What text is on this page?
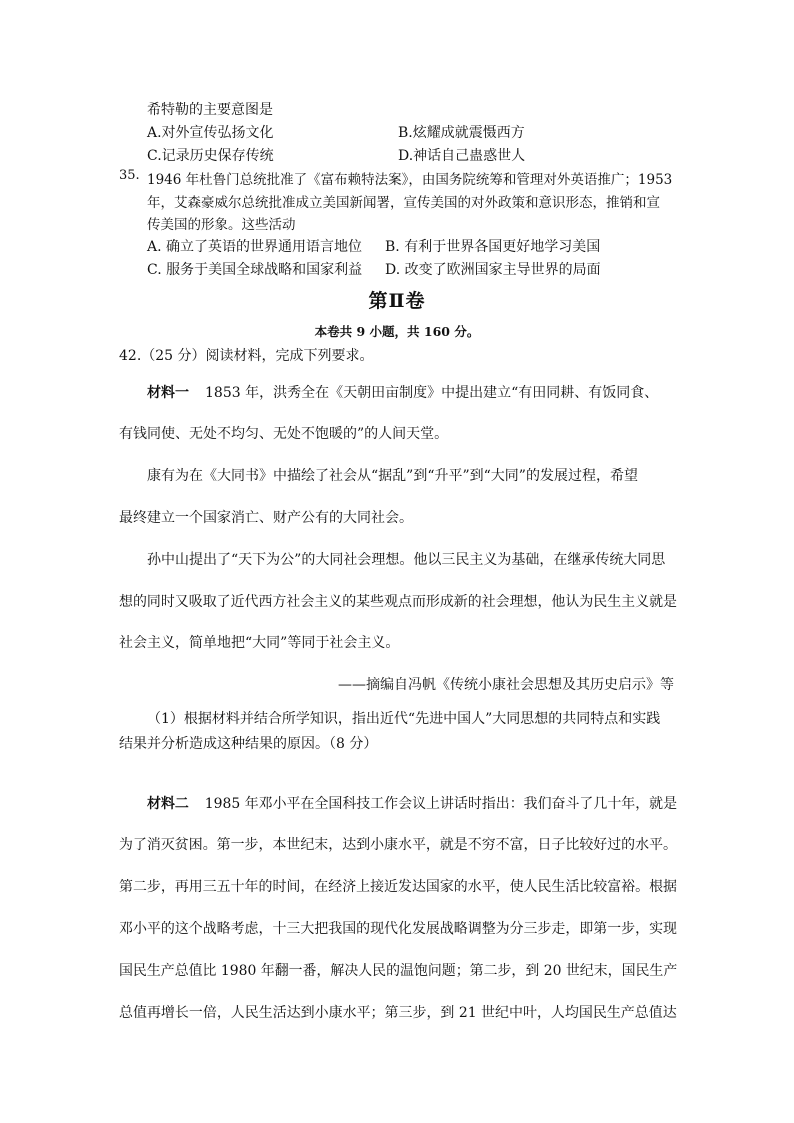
希特勒的主要意图是
A.对外宣传弘扬文化	B.炫耀成就震慑西方
C.记录历史保存传统	D.神话自己蛊惑世人
35. 1946 年杜鲁门总统批准了《富布赖特法案》，由国务院统筹和管理对外英语推广；1953
年，艾森豪威尔总统批准成立美国新闻署，宣传美国的对外政策和意识形态，推销和宣
传美国的形象。这些活动
A. 确立了英语的世界通用语言地位 B. 有利于世界各国更好地学习美国
C. 服务于美国全球战略和国家利益 D. 改变了欧洲国家主导世界的局面
第Ⅱ卷
本卷共 9 小题，共 160 分。
42.（25 分）阅读材料，完成下列要求。
材料一 1853 年，洪秀全在《天朝田亩制度》中提出建立“有田同耕、有饭同食、
有钱同使、无处不均匀、无处不饱暖的”的人间天堂。
康有为在《大同书》中描绘了社会从“据乱”到“升平”到“大同”的发展过程，希望
最终建立一个国家消亡、财产公有的大同社会。
孙中山提出了“天下为公”的大同社会理想。他以三民主义为基础，在继承传统大同思
想的同时又吸取了近代西方社会主义的某些观点而形成新的社会理想，他认为民生主义就是
社会主义，简单地把“大同”等同于社会主义。
——摘编自冯帆《传统小康社会思想及其历史启示》等
（1）根据材料并结合所学知识，指出近代“先进中国人”大同思想的共同特点和实践
结果并分析造成这种结果的原因。（8 分）
材料二 1985 年邓小平在全国科技工作会议上讲话时指出：我们奋斗了几十年，就是
为了消灭贫困。第一步，本世纪末，达到小康水平，就是不穷不富，日子比较好过的水平。
第二步，再用三五十年的时间，在经济上接近发达国家的水平，使人民生活比较富裕。根据
邓小平的这个战略考虑，十三大把我国的现代化发展战略调整为分三步走，即第一步，实现
国民生产总值比 1980 年翻一番，解决人民的温饱问题；第二步，到 20 世纪末，国民生产
总值再增长一倍，人民生活达到小康水平；第三步，到 21 世纪中叶，人均国民生产总值达
